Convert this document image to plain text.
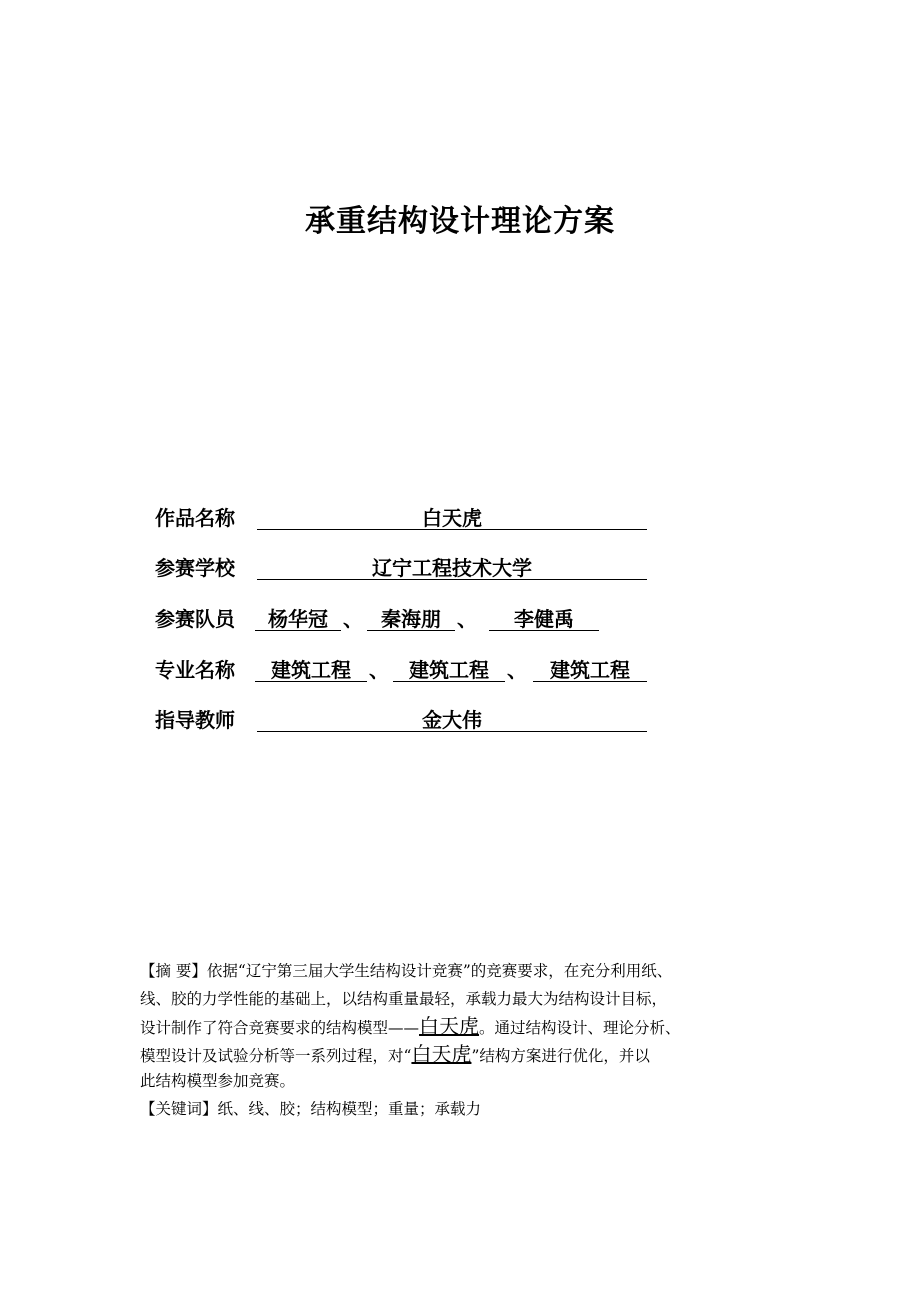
承重结构设计理论方案
作品名称	白天虎
参赛学校	辽宁工程技术大学
参赛队员	杨华冠 、 秦海朋 、	李健禹
专业名称	建筑工程 、	建筑工程 、	建筑工程
指导教师	金大伟
【摘 要】依据“辽宁第三届大学生结构设计竞赛”的竞赛要求，在充分利用纸、
线、胶的力学性能的基础上，以结构重量最轻，承载力最大为结构设计目标，
设计制作了符合竞赛要求的结构模型——白天虎。通过结构设计、理论分析、
模型设计及试验分析等一系列过程，对“白天虎”结构方案进行优化，并以
此结构模型参加竞赛。
【关键词】纸、线、胶；结构模型；重量；承载力
